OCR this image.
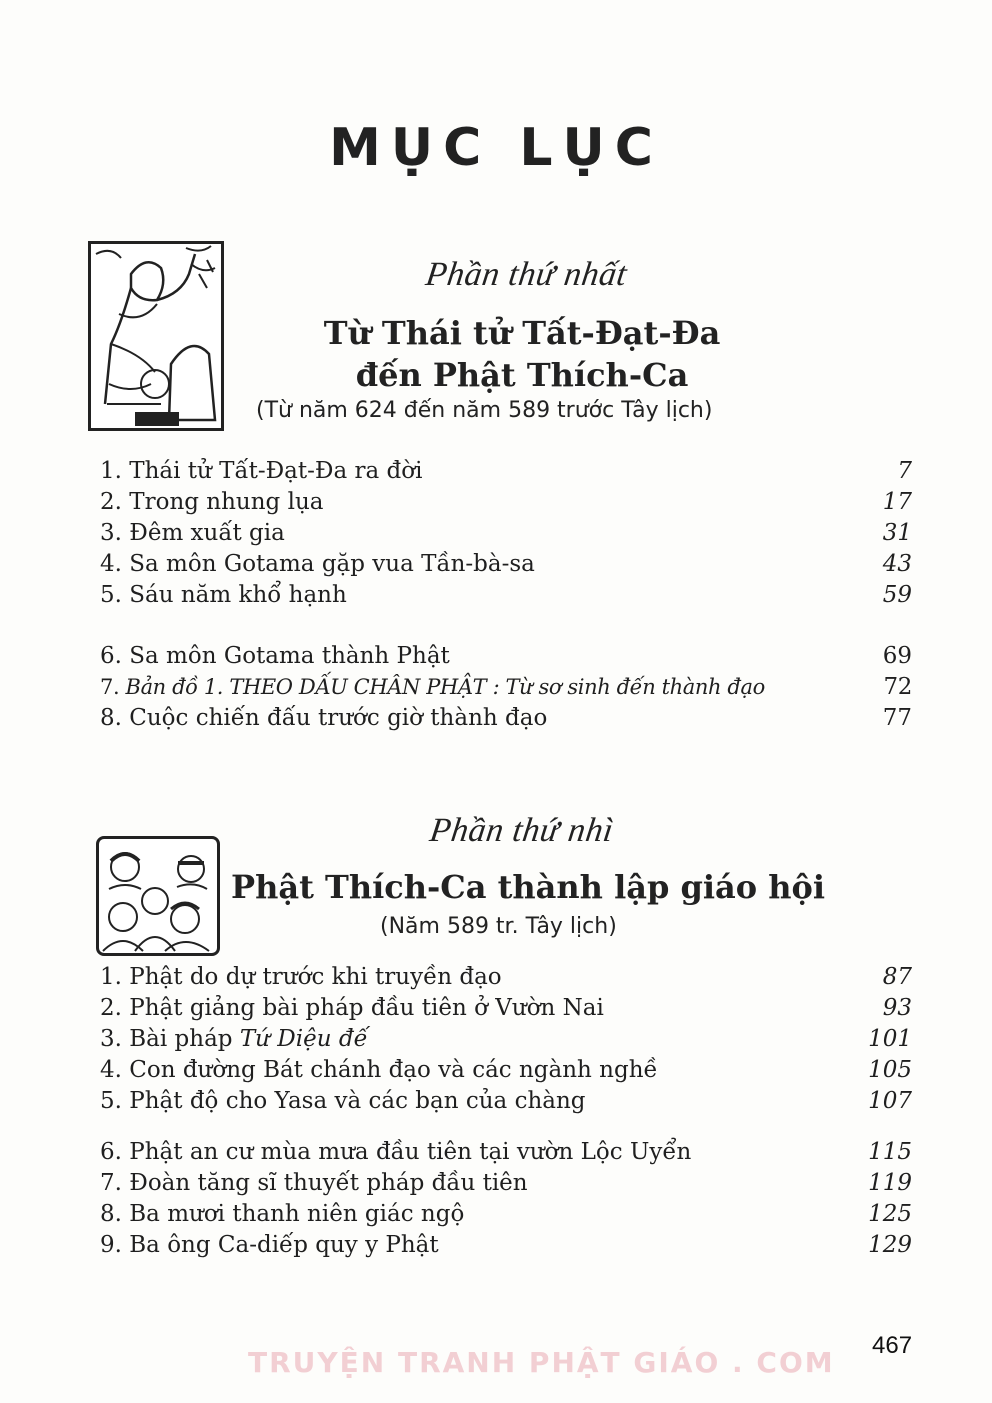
MỤC LỤC
Phần thứ nhất
Từ Thái tử Tất-Đạt-Đa
đến Phật Thích-Ca
(Từ năm 624 đến năm 589 trước Tây lịch)
1. Thái tử Tất-Đạt-Đa ra đời	7
2. Trong nhung lụa	17
3. Đêm xuất gia	31
4. Sa môn Gotama gặp vua Tần-bà-sa	43
5. Sáu năm khổ hạnh	59
6. Sa môn Gotama thành Phật	69
7. Bản đồ 1. THEO DẤU CHÂN PHẬT : Từ sơ sinh đến thành đạo	72
8. Cuộc chiến đấu trước giờ thành đạo	77
Phần thứ nhì
Phật Thích-Ca thành lập giáo hội
(Năm 589 tr. Tây lịch)
1. Phật do dự trước khi truyền đạo	87
2. Phật giảng bài pháp đầu tiên ở Vườn Nai	93
3. Bài pháp Tứ Diệu đế	101
4. Con đường Bát chánh đạo và các ngành nghề	105
5. Phật độ cho Yasa và các bạn của chàng	107
6. Phật an cư mùa mưa đầu tiên tại vườn Lộc Uyển	115
7. Đoàn tăng sĩ thuyết pháp đầu tiên	119
8. Ba mươi thanh niên giác ngộ	125
9. Ba ông Ca-diếp quy y Phật	129
TRUYỆN TRANH PHẬT GIÁO . COM
467
